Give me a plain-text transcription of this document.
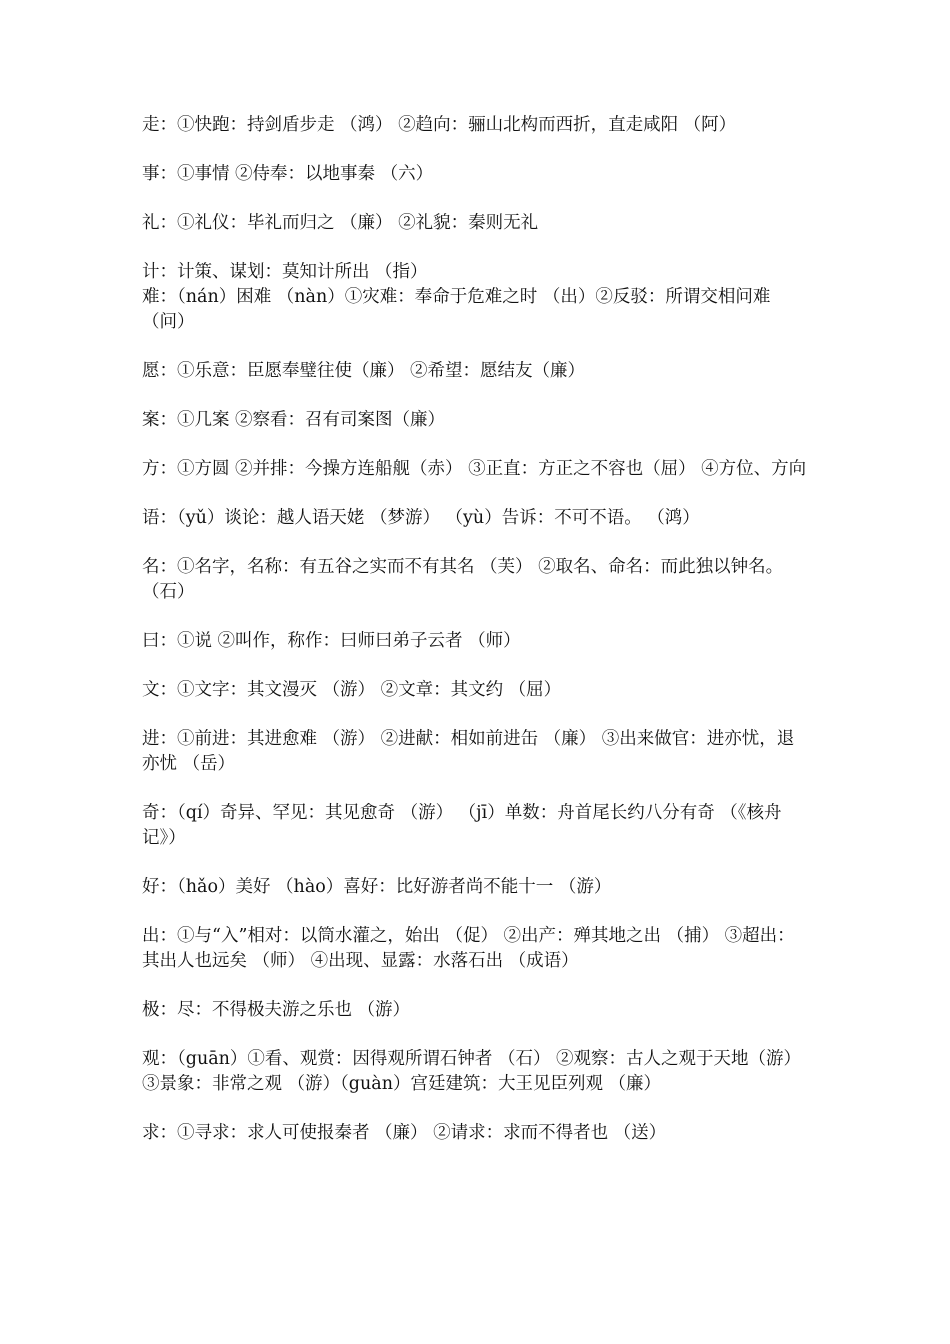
走：①快跑：持剑盾步走 （鸿） ②趋向：骊山北构而西折，直走咸阳 （阿）

事：①事情 ②侍奉：以地事秦 （六）

礼：①礼仪：毕礼而归之 （廉） ②礼貌：秦则无礼

计：计策、谋划：莫知计所出 （指）

难：（nán）困难 （nàn）①灾难：奉命于危难之时 （出）②反驳：所谓交相问难（问）

愿：①乐意：臣愿奉璧往使（廉） ②希望：愿结友（廉）

案：①几案 ②察看：召有司案图（廉）

方：①方圆 ②并排：今操方连船舰（赤） ③正直：方正之不容也（屈） ④方位、方向

语：（yǔ）谈论：越人语天姥 （梦游） （yù）告诉：不可不语。 （鸿）

名：①名字，名称：有五谷之实而不有其名 （芙） ②取名、命名：而此独以钟名。 （石）

曰：①说 ②叫作，称作：曰师曰弟子云者 （师）

文：①文字：其文漫灭 （游） ②文章：其文约 （屈）

进：①前进：其进愈难 （游） ②进献：相如前进缶 （廉） ③出来做官：进亦忧，退亦忧 （岳）

奇：（qí）奇异、罕见：其见愈奇 （游） （jī）单数：舟首尾长约八分有奇 （《核舟记》）

好：（hǎo）美好 （hào）喜好：比好游者尚不能十一 （游）

出：①与“入”相对：以筒水灌之，始出 （促） ②出产：殚其地之出 （捕） ③超出：其出人也远矣 （师） ④出现、显露：水落石出 （成语）

极：尽：不得极夫游之乐也 （游）

观：（guān）①看、观赏：因得观所谓石钟者 （石） ②观察：古人之观于天地（游） ③景象：非常之观 （游）（guàn）宫廷建筑：大王见臣列观 （廉）

求：①寻求：求人可使报秦者 （廉） ②请求：求而不得者也 （送）
